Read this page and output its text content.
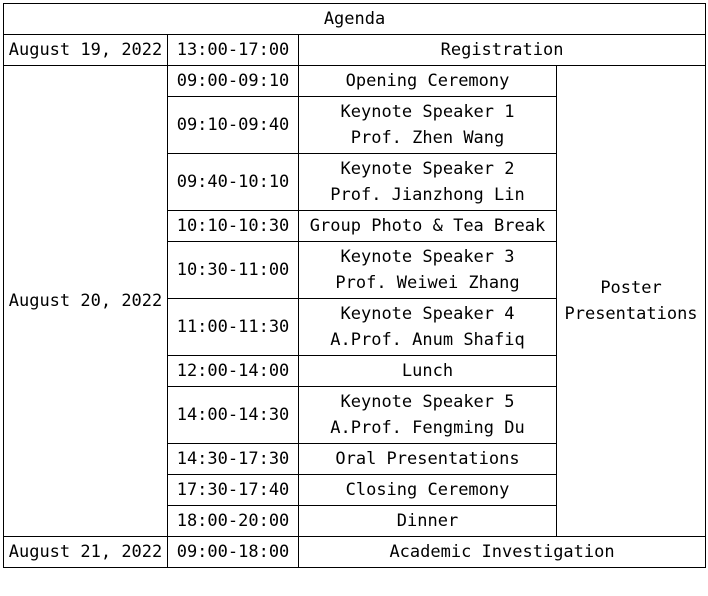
Agenda			
August 19, 2022	13:00-17:00	Registration	
August 20, 2022	09:00-09:10	Opening Ceremony	Poster
Presentations

	09:10-09:40	Keynote Speaker 1
Prof. Zhen Wang	

	09:40-10:10	Keynote Speaker 2
Prof. Jianzhong Lin	

	10:10-10:30	Group Photo & Tea Break	
	10:30-11:00	Keynote Speaker 3
Prof. Weiwei Zhang	

	11:00-11:30	Keynote Speaker 4
A.Prof. Anum Shafiq	

	12:00-14:00	Lunch	
	14:00-14:30	Keynote Speaker 5
A.Prof. Fengming Du	

	14:30-17:30	Oral Presentations	
	17:30-17:40	Closing Ceremony	
	18:00-20:00	Dinner	
August 21, 2022	09:00-18:00	Academic Investigation	
